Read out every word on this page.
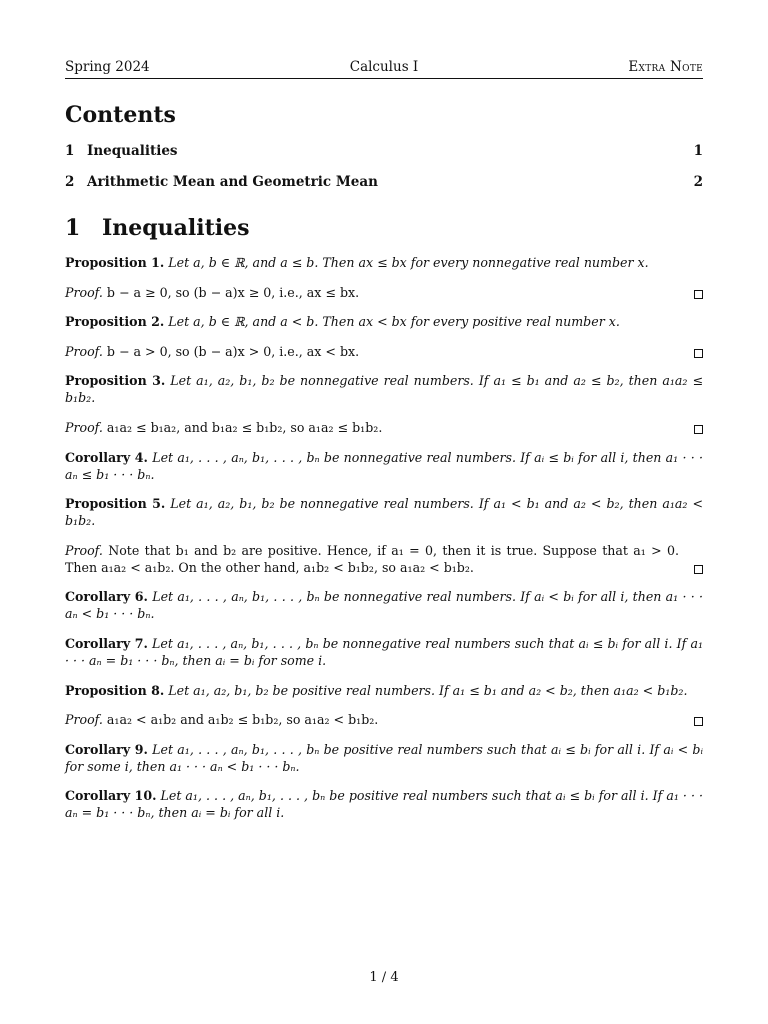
Spring 2024	Calculus I	Extra Note
Contents
1 Inequalities	1
2 Arithmetic Mean and Geometric Mean	2
1 Inequalities

Proposition 1. Let a, b ∈ ℝ, and a ≤ b. Then ax ≤ bx for every nonnegative real number x.

Proof. b − a ≥ 0, so (b − a)x ≥ 0, i.e., ax ≤ bx.

Proposition 2. Let a, b ∈ ℝ, and a < b. Then ax < bx for every positive real number x.

Proof. b − a > 0, so (b − a)x > 0, i.e., ax < bx.

Proposition 3. Let a₁, a₂, b₁, b₂ be nonnegative real numbers. If a₁ ≤ b₁ and a₂ ≤ b₂, then a₁a₂ ≤ b₁b₂.

Proof. a₁a₂ ≤ b₁a₂, and b₁a₂ ≤ b₁b₂, so a₁a₂ ≤ b₁b₂.

Corollary 4. Let a₁, . . . , aₙ, b₁, . . . , bₙ be nonnegative real numbers. If aᵢ ≤ bᵢ for all i, then a₁ · · · aₙ ≤ b₁ · · · bₙ.

Proposition 5. Let a₁, a₂, b₁, b₂ be nonnegative real numbers. If a₁ < b₁ and a₂ < b₂, then a₁a₂ < b₁b₂.

Proof. Note that b₁ and b₂ are positive. Hence, if a₁ = 0, then it is true. Suppose that a₁ > 0. Then a₁a₂ < a₁b₂. On the other hand, a₁b₂ < b₁b₂, so a₁a₂ < b₁b₂.

Corollary 6. Let a₁, . . . , aₙ, b₁, . . . , bₙ be nonnegative real numbers. If aᵢ < bᵢ for all i, then a₁ · · · aₙ < b₁ · · · bₙ.

Corollary 7. Let a₁, . . . , aₙ, b₁, . . . , bₙ be nonnegative real numbers such that aᵢ ≤ bᵢ for all i. If a₁ · · · aₙ = b₁ · · · bₙ, then aᵢ = bᵢ for some i.

Proposition 8. Let a₁, a₂, b₁, b₂ be positive real numbers. If a₁ ≤ b₁ and a₂ < b₂, then a₁a₂ < b₁b₂.

Proof. a₁a₂ < a₁b₂ and a₁b₂ ≤ b₁b₂, so a₁a₂ < b₁b₂.

Corollary 9. Let a₁, . . . , aₙ, b₁, . . . , bₙ be positive real numbers such that aᵢ ≤ bᵢ for all i. If aᵢ < bᵢ for some i, then a₁ · · · aₙ < b₁ · · · bₙ.

Corollary 10. Let a₁, . . . , aₙ, b₁, . . . , bₙ be positive real numbers such that aᵢ ≤ bᵢ for all i. If a₁ · · · aₙ = b₁ · · · bₙ, then aᵢ = bᵢ for all i.

1 / 4
